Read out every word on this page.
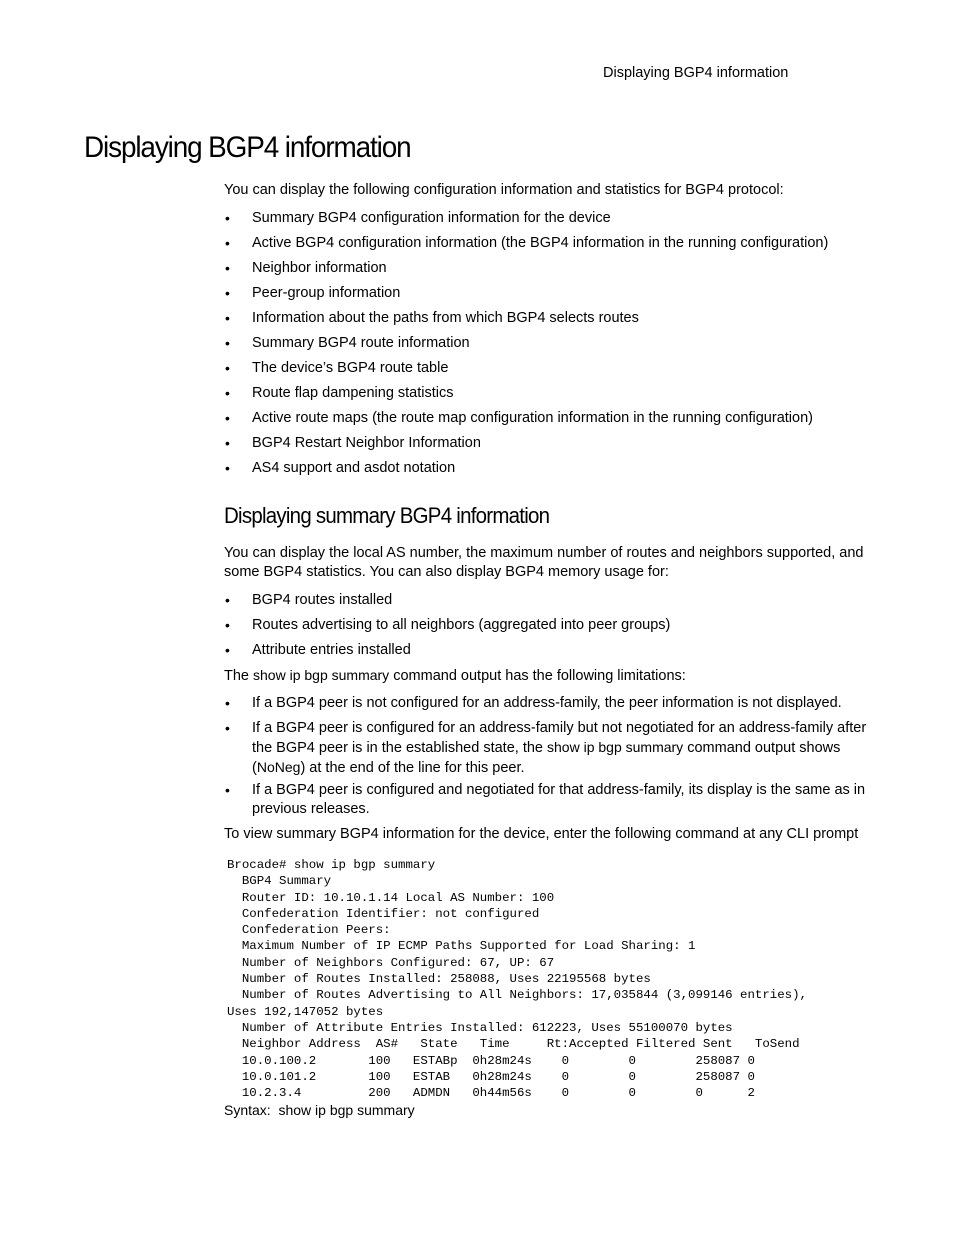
Displaying BGP4 information
Displaying BGP4 information

You can display the following configuration information and statistics for BGP4 protocol:

• Summary BGP4 configuration information for the device
• Active BGP4 configuration information (the BGP4 information in the running configuration)
• Neighbor information
• Peer-group information
• Information about the paths from which BGP4 selects routes
• Summary BGP4 route information
• The device’s BGP4 route table
• Route flap dampening statistics
• Active route maps (the route map configuration information in the running configuration)
• BGP4 Restart Neighbor Information
• AS4 support and asdot notation
Displaying summary BGP4 information

You can display the local AS number, the maximum number of routes and neighbors supported, and some BGP4 statistics. You can also display BGP4 memory usage for:

• BGP4 routes installed
• Routes advertising to all neighbors (aggregated into peer groups)
• Attribute entries installed

The show ip bgp summary command output has the following limitations:

• If a BGP4 peer is not configured for an address-family, the peer information is not displayed.
• If a BGP4 peer is configured for an address-family but not negotiated for an address-family after the BGP4 peer is in the established state, the show ip bgp summary command output shows (NoNeg) at the end of the line for this peer.
• If a BGP4 peer is configured and negotiated for that address-family, its display is the same as in previous releases.

To view summary BGP4 information for the device, enter the following command at any CLI prompt

Brocade# show ip bgp summary
BGP4 Summary
Router ID: 10.10.1.14 Local AS Number: 100
Confederation Identifier: not configured
Confederation Peers:
Maximum Number of IP ECMP Paths Supported for Load Sharing: 1
Number of Neighbors Configured: 67, UP: 67
Number of Routes Installed: 258088, Uses 22195568 bytes
Number of Routes Advertising to All Neighbors: 17,035844 (3,099146 entries),
Uses 192,147052 bytes
Number of Attribute Entries Installed: 612223, Uses 55100070 bytes
Neighbor Address  AS#   State   Time     Rt:Accepted Filtered Sent   ToSend
10.0.100.2       100   ESTABp  0h28m24s    0        0        258087 0
10.0.101.2       100   ESTAB   0h28m24s    0        0        258087 0
10.2.3.4         200   ADMDN   0h44m56s    0        0        0      2
Syntax: show ip bgp summary
